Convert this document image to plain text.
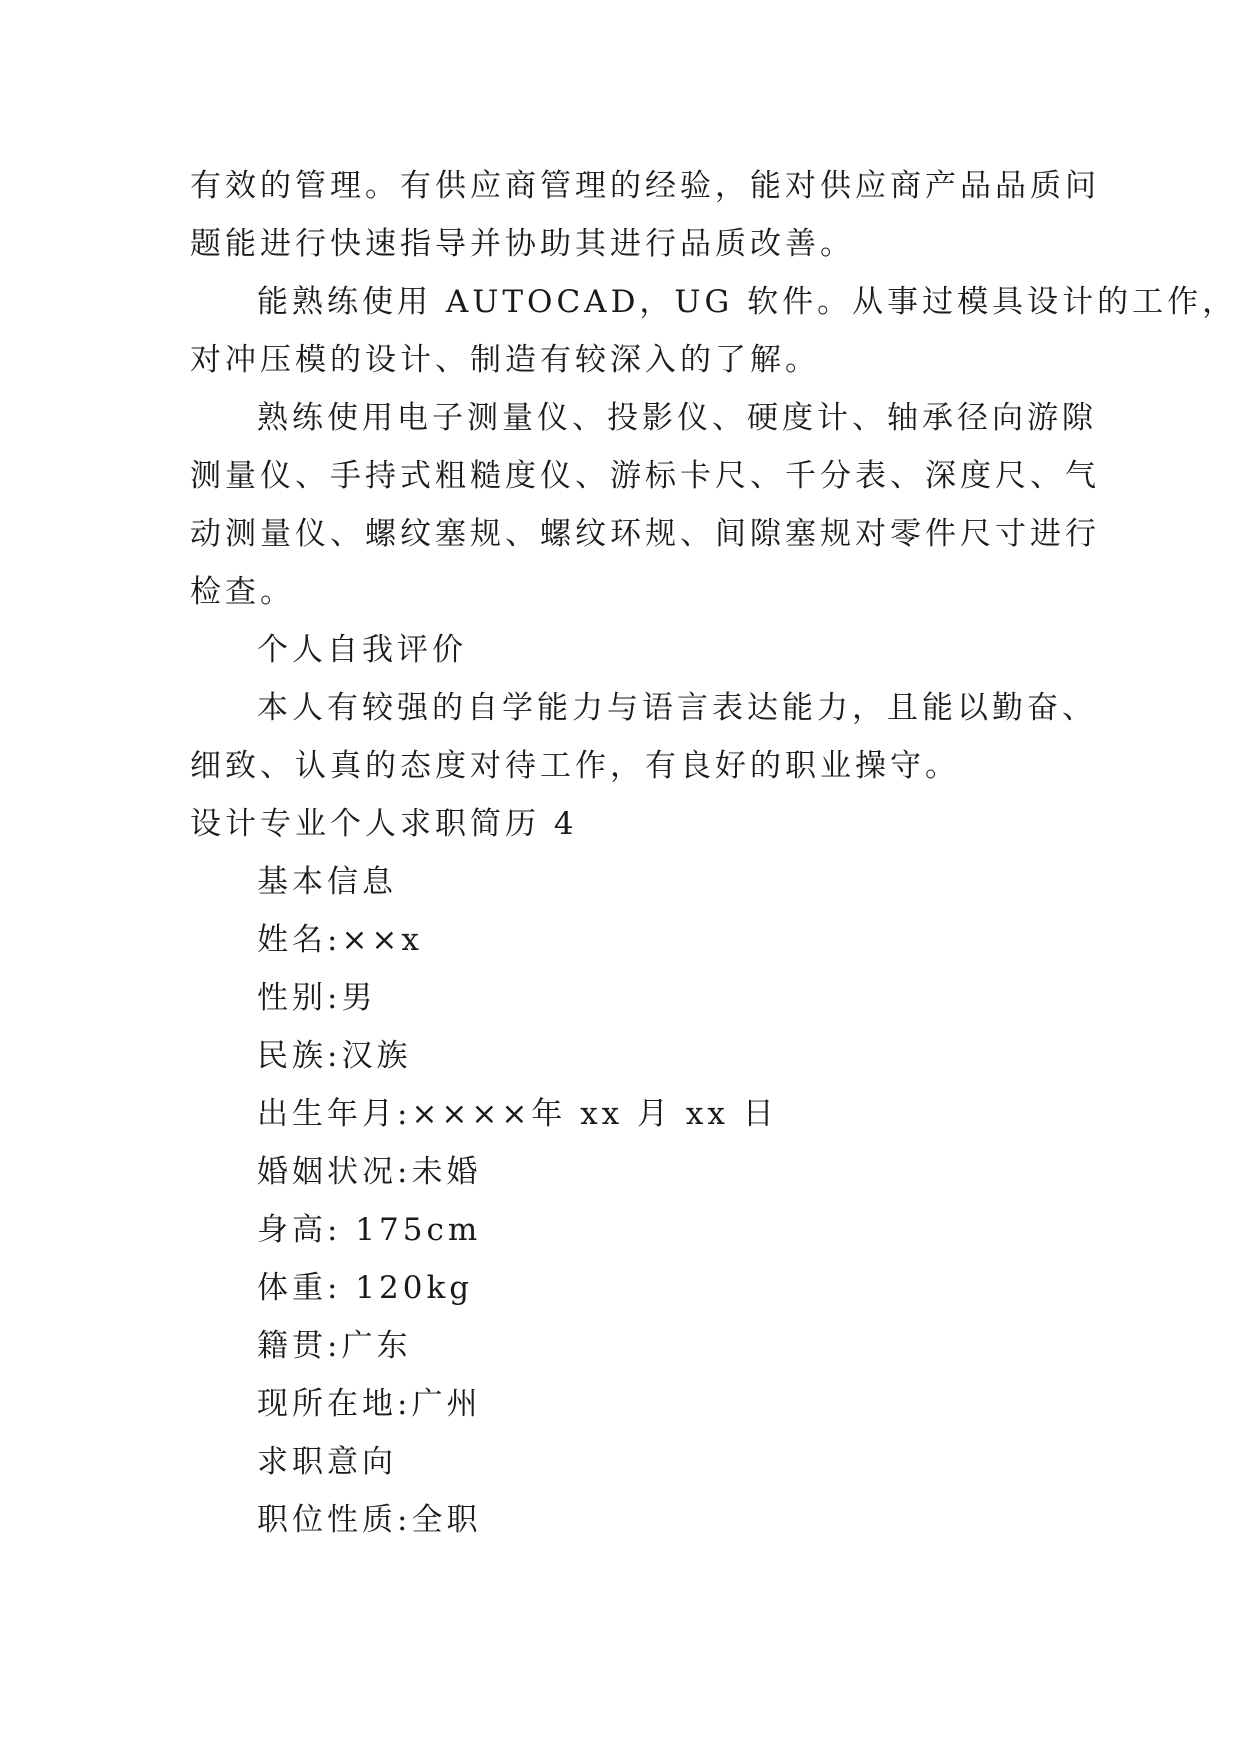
有效的管理。有供应商管理的经验，能对供应商产品品质问
题能进行快速指导并协助其进行品质改善。
能熟练使用 AUTOCAD，UG 软件。从事过模具设计的工作，
对冲压模的设计、制造有较深入的了解。
熟练使用电子测量仪、投影仪、硬度计、轴承径向游隙
测量仪、手持式粗糙度仪、游标卡尺、千分表、深度尺、气
动测量仪、螺纹塞规、螺纹环规、间隙塞规对零件尺寸进行
检查。
个人自我评价
本人有较强的自学能力与语言表达能力，且能以勤奋、
细致、认真的态度对待工作，有良好的职业操守。
设计专业个人求职简历 4
基本信息
姓名:××x
性别:男
民族:汉族
出生年月:××××年 xx 月 xx 日
婚姻状况:未婚
身高: 175cm
体重: 120kg
籍贯:广东
现所在地:广州
求职意向
职位性质:全职
